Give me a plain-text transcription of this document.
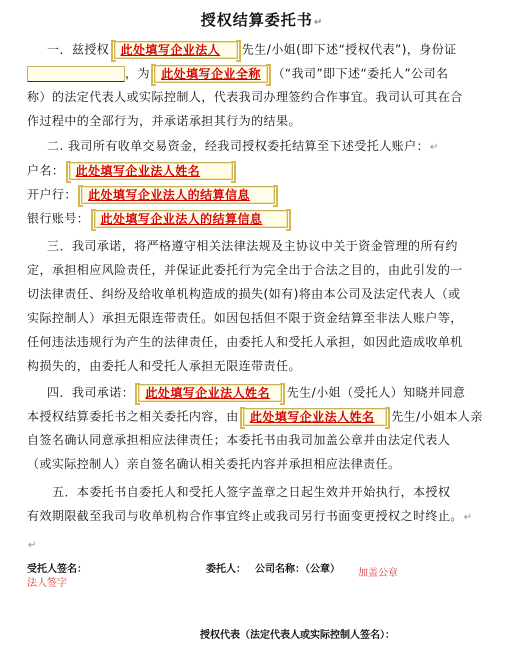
授权结算委托书↵
一．兹授权 此处填写企业法人 先生/小姐(即下述“授权代表”)，身份证
，为 此处填写企业全称 （“我司”即下述“委托人”公司名
称）的法定代表人或实际控制人，代表我司办理签约合作事宜。我司认可其在合
作过程中的全部行为，并承诺承担其行为的结果。
二. 我司所有收单交易资金，经我司授权委托结算至下述受托人账户：↵
户名： 此处填写企业法人姓名
开户行： 此处填写企业法人的结算信息
银行账号： 此处填写企业法人的结算信息
三．我司承诺，将严格遵守相关法律法规及主协议中关于资金管理的所有约
定，承担相应风险责任，并保证此委托行为完全出于合法之目的，由此引发的一
切法律责任、纠纷及给收单机构造成的损失(如有)将由本公司及法定代表人（或
实际控制人）承担无限连带责任。如因包括但不限于资金结算至非法人账户等，
任何违法违规行为产生的法律责任，由委托人和受托人承担，如因此造成收单机
构损失的，由委托人和受托人承担无限连带责任。
四．我司承诺： 此处填写企业法人姓名 先生/小姐（受托人）知晓并同意
本授权结算委托书之相关委托内容，由 此处填写企业法人姓名 先生/小姐本人亲
自签名确认同意承担相应法律责任；本委托书由我司加盖公章并由法定代表人
（或实际控制人）亲自签名确认相关委托内容并承担相应法律责任。
五．本委托书自委托人和受托人签字盖章之日起生效并开始执行，本授权
有效期限截至我司与收单机构合作事宜终止或我司另行书面变更授权之时终止。↵
↵
受托人签名：
法人签字
委托人： 公司名称：（公章） 加盖公章
授权代表（法定代表人或实际控制人签名）：
